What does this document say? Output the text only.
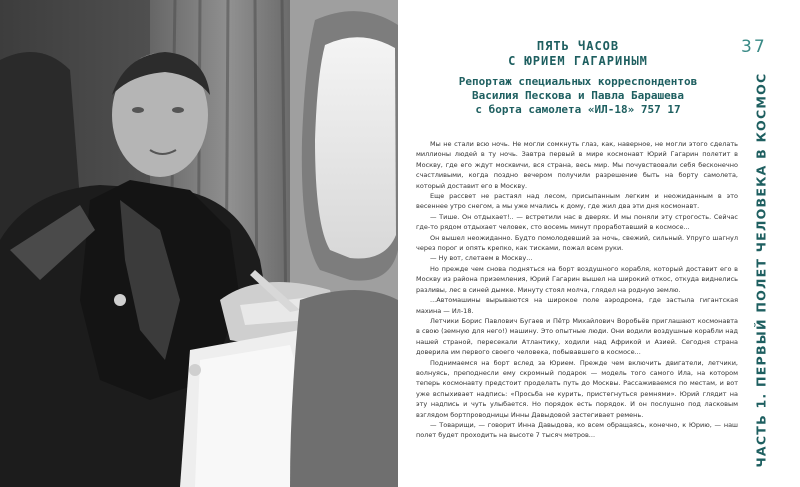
37
ЧАСТЬ 1. ПЕРВЫЙ ПОЛЕТ ЧЕЛОВЕКА В КОСМОС
ПЯТЬ ЧАСОВ
С ЮРИЕМ ГАГАРИНЫМ
Репортаж специальных корреспондентов
Василия Пескова и Павла Барашева
с борта самолета «ИЛ-18» 757 17

Мы не стали всю ночь. Не могли сомкнуть глаз, как, наверное, не могли этого сделать миллионы людей в ту ночь. Завтра первый в мире космонавт Юрий Гагарин полетит в Москву, где его ждут москвичи, вся страна, весь мир. Мы почувствовали себя бесконечно счастливыми, когда поздно вечером получили разрешение быть на борту самолета, который доставит его в Москву.

Еще рассвет не растаял над лесом, присыпанным легким и неожиданным в это весеннее утро снегом, а мы уже мчались к дому, где жил два эти дня космонавт.

— Тише. Он отдыхает!.. — встретили нас в дверях. И мы поняли эту строгость. Сейчас где-то рядом отдыхает человек, сто восемь минут проработавший в космосе...

Он вышел неожиданно. Будто помолодевший за ночь, свежий, сильный. Упруго шагнул через порог и опять крепко, как тисками, пожал всем руки.

— Ну вот, слетаем в Москву...

Но прежде чем снова подняться на борт воздушного корабля, который доставит его в Москву из района приземления, Юрий Гагарин вышел на широкий откос, откуда виднелись разливы, лес в синей дымке. Минуту стоял молча, глядел на родную землю.

...Автомашины вырываются на широкое поле аэродрома, где застыла гигантская махина — Ил-18.

Летчики Борис Павлович Бугаев и Пётр Михайлович Воробьёв приглашают космонавта в свою (земную для него!) машину. Это опытные люди. Они водили воздушные корабли над нашей страной, пересекали Атлантику, ходили над Африкой и Азией. Сегодня страна доверила им первого своего человека, побывавшего в космосе...

Поднимаемся на борт вслед за Юрием. Прежде чем включить двигатели, летчики, волнуясь, преподнесли ему скромный подарок — модель того самого Ила, на котором теперь космонавту предстоит проделать путь до Москвы. Рассаживаемся по местам, и вот уже вспыхивает надпись: «Просьба не курить, пристегнуться ремнями». Юрий глядит на эту надпись и чуть улыбается. Но порядок есть порядок. И он послушно под ласковым взглядом бортпроводницы Инны Давыдовой застегивает ремень.

— Товарищи, — говорит Инна Давыдова, ко всем обращаясь, конечно, к Юрию, — наш полет будет проходить на высоте 7 тысяч метров...
